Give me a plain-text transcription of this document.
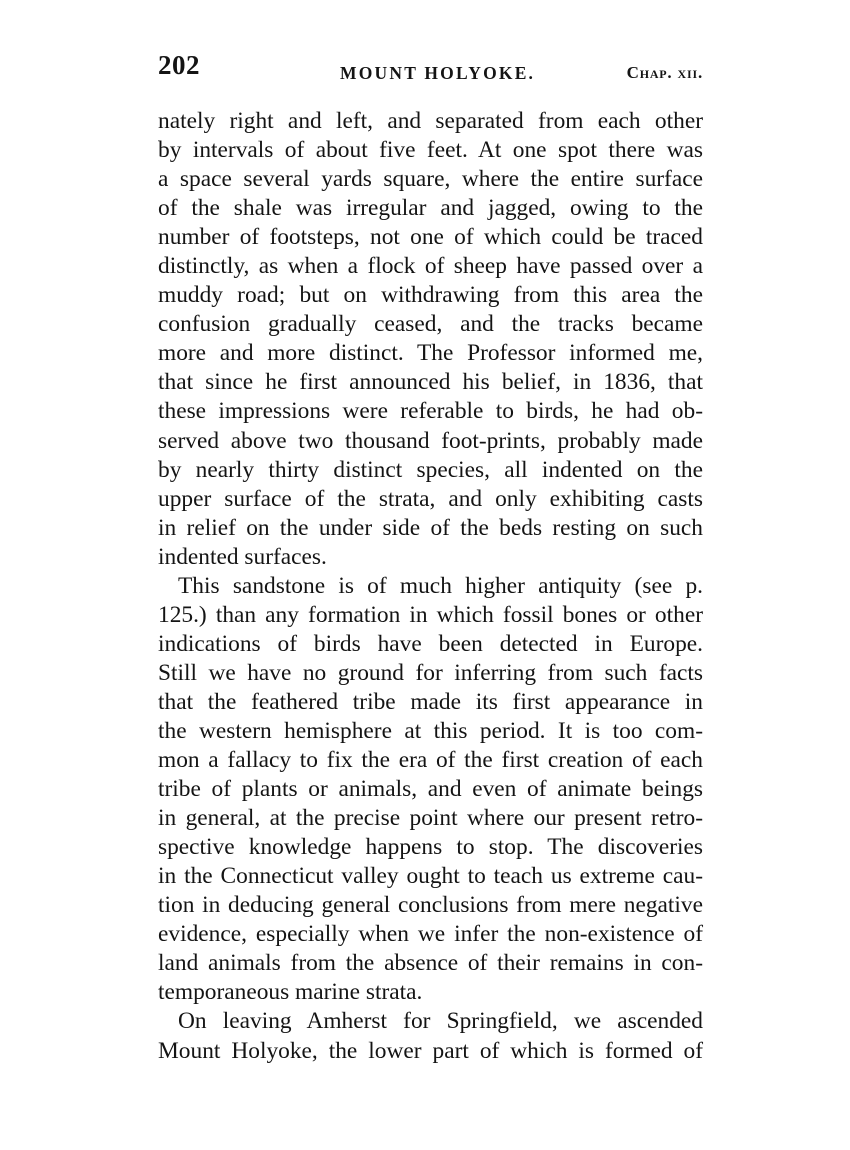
202	MOUNT HOLYOKE.	Chap. xii.
nately right and left, and separated from each other
by intervals of about five feet. At one spot there was
a space several yards square, where the entire surface
of the shale was irregular and jagged, owing to the
number of footsteps, not one of which could be traced
distinctly, as when a flock of sheep have passed over a
muddy road; but on withdrawing from this area the
confusion gradually ceased, and the tracks became
more and more distinct. The Professor informed me,
that since he first announced his belief, in 1836, that
these impressions were referable to birds, he had ob-
served above two thousand foot-prints, probably made
by nearly thirty distinct species, all indented on the
upper surface of the strata, and only exhibiting casts
in relief on the under side of the beds resting on such
indented surfaces.
This sandstone is of much higher antiquity (see p.
125.) than any formation in which fossil bones or other
indications of birds have been detected in Europe.
Still we have no ground for inferring from such facts
that the feathered tribe made its first appearance in
the western hemisphere at this period. It is too com-
mon a fallacy to fix the era of the first creation of each
tribe of plants or animals, and even of animate beings
in general, at the precise point where our present retro-
spective knowledge happens to stop. The discoveries
in the Connecticut valley ought to teach us extreme cau-
tion in deducing general conclusions from mere negative
evidence, especially when we infer the non-existence of
land animals from the absence of their remains in con-
temporaneous marine strata.
On leaving Amherst for Springfield, we ascended
Mount Holyoke, the lower part of which is formed of
